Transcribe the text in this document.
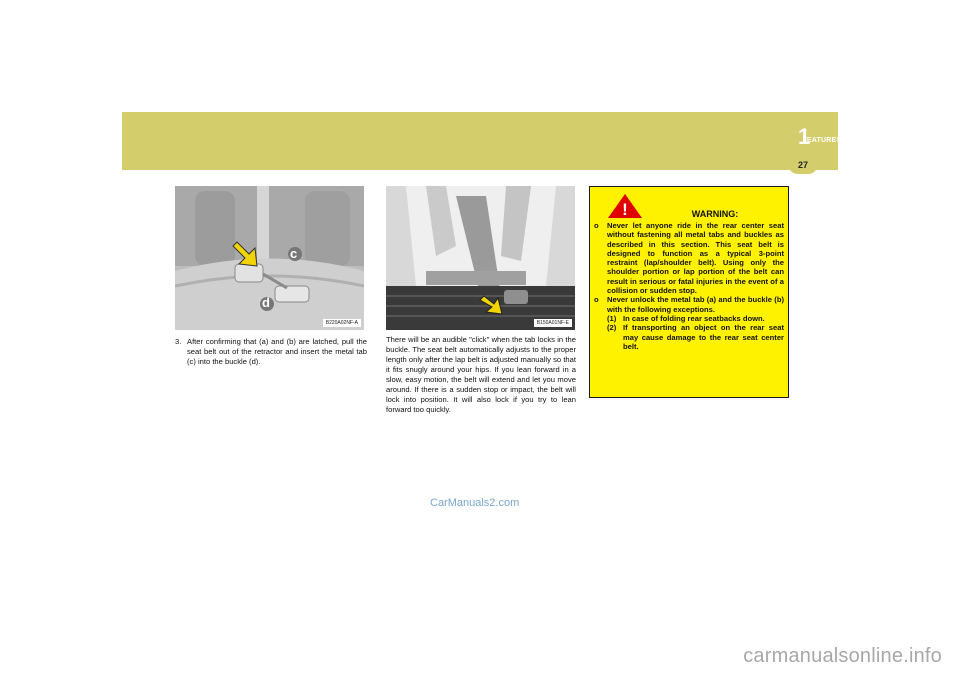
FEATURES OF YOUR HYUNDAI
1
27
c
d
B220A02NF-A	B150A01NF-E
3. After confirming that (a) and (b) are latched, pull the seat belt out of the retractor and insert the metal tab (c) into the buckle (d).
There will be an audible "click" when the tab locks in the buckle. The seat belt automatically adjusts to the proper length only after the lap belt is adjusted manually so that it fits snugly around your hips. If you lean forward in a slow, easy motion, the belt will extend and let you move around. If there is a sudden stop or impact, the belt will lock into position. It will also lock if you try to lean forward too quickly.
!	WARNING:
o Never let anyone ride in the rear center seat without fastening all metal tabs and buckles as described in this section. This seat belt is designed to function as a typical 3-point restraint (lap/shoulder belt). Using only the shoulder portion or lap portion of the belt can result in serious or fatal injuries in the event of a collision or sudden stop.
o Never unlock the metal tab (a) and the buckle (b) with the following exceptions.
(1) In case of folding rear seatbacks down.
(2) If transporting an object on the rear seat may cause damage to the rear seat center belt.
CarManuals2.com
carmanualsonline.info
